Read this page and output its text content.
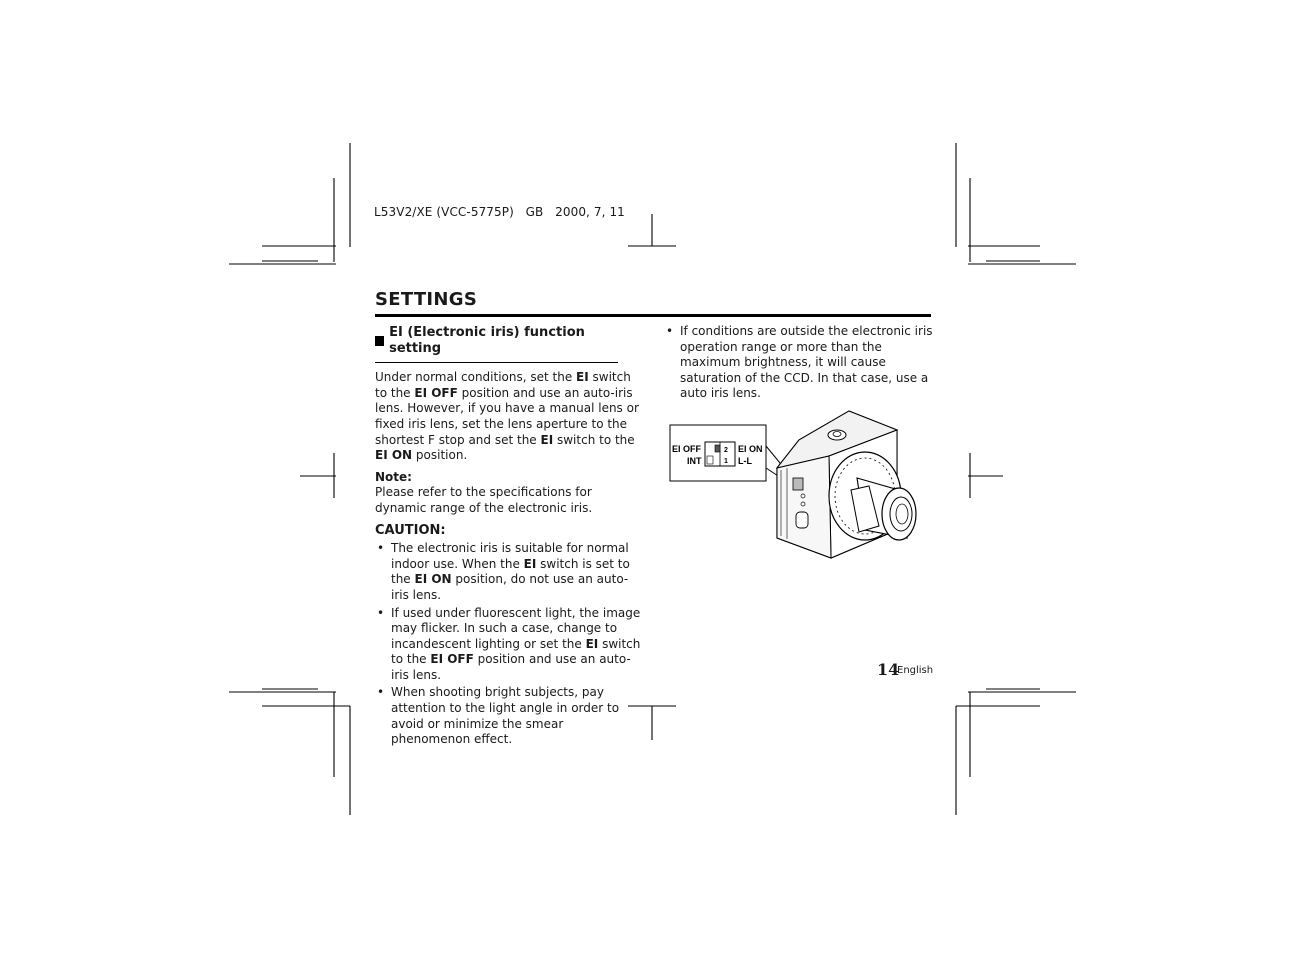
L53V2/XE (VCC-5775P)   GB   2000, 7, 11
SETTINGS
EI (Electronic iris) function setting

Under normal conditions, set the EI switch to the EI OFF position and use an auto-iris lens. However, if you have a manual lens or fixed iris lens, set the lens aperture to the shortest F stop and set the EI switch to the EI ON position.

Note:

Please refer to the specifications for dynamic range of the electronic iris.

CAUTION:
• The electronic iris is suitable for normal indoor use. When the EI switch is set to the EI ON position, do not use an auto-iris lens.
• If used under fluorescent light, the image may flicker. In such a case, change to incandescent lighting or set the EI switch to the EI OFF position and use an auto-iris lens.
• When shooting bright subjects, pay attention to the light angle in order to avoid or minimize the smear phenomenon effect.
• If conditions are outside the electronic iris operation range or more than the maximum brightness, it will cause saturation of the CCD. In that case, use a auto iris lens.
EI OFF
INT
EI ON
L-L
2
1
14
English
